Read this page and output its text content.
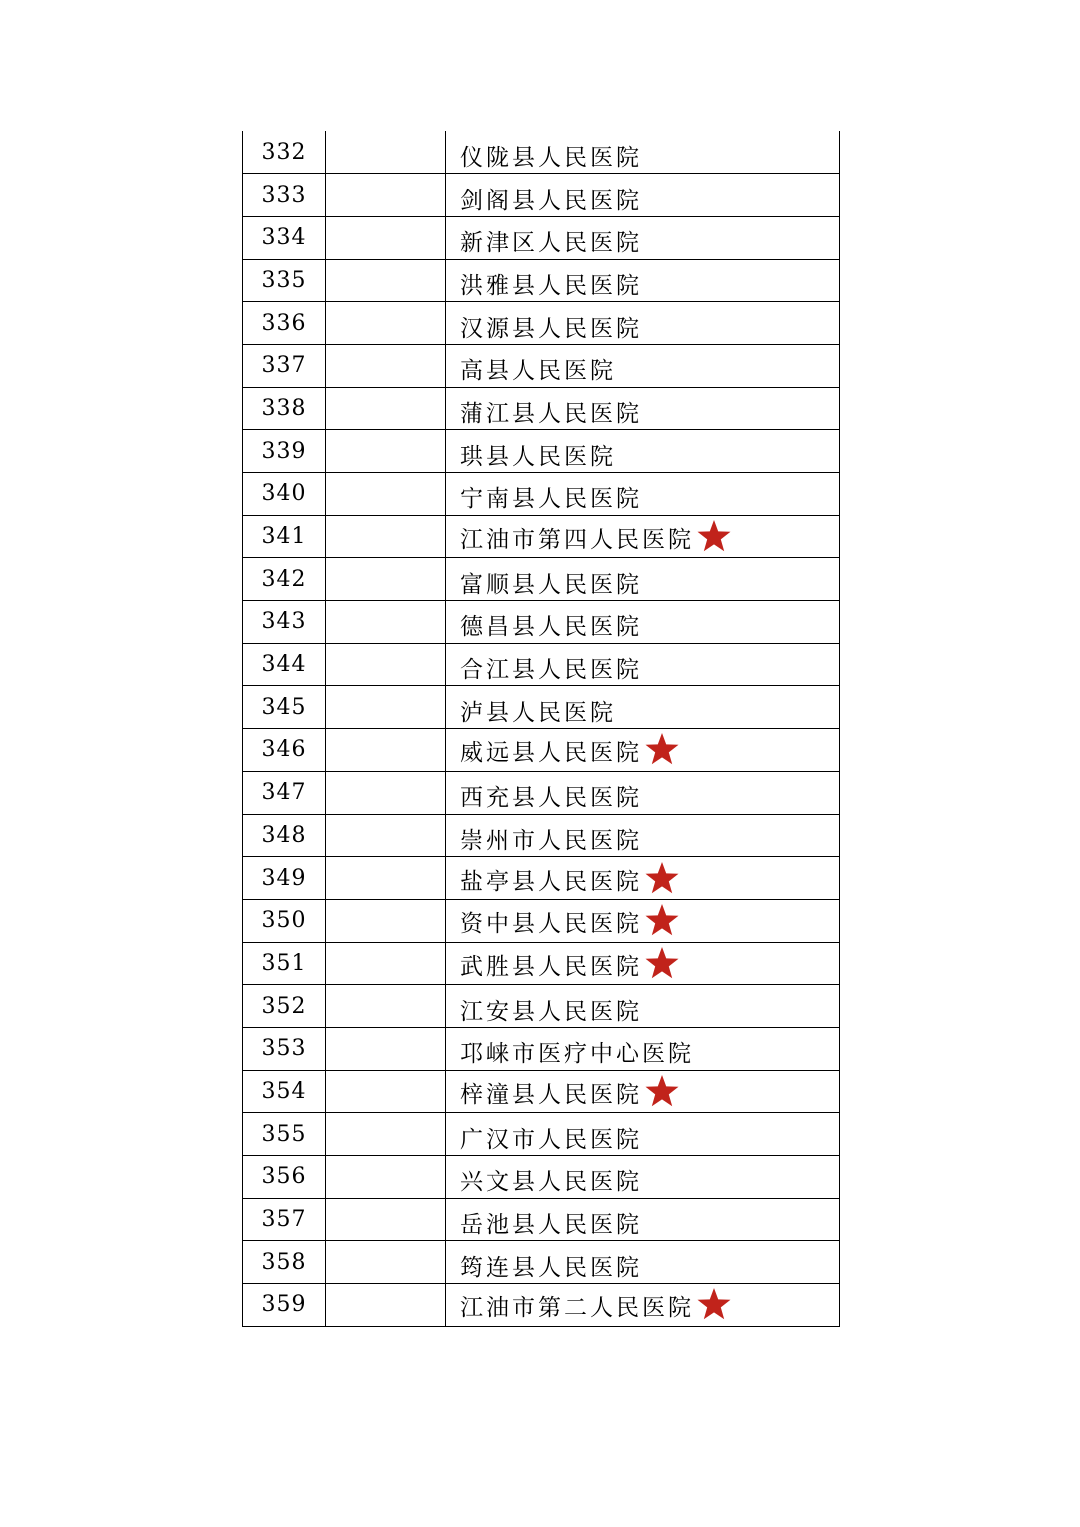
332		仪陇县人民医院
333		剑阁县人民医院
334		新津区人民医院
335		洪雅县人民医院
336		汉源县人民医院
337		高县人民医院
338		蒲江县人民医院
339		珙县人民医院
340		宁南县人民医院
341		江油市第四人民医院

342		富顺县人民医院
343		德昌县人民医院
344		合江县人民医院
345		泸县人民医院
346		威远县人民医院

347		西充县人民医院
348		崇州市人民医院
349		盐亭县人民医院

350		资中县人民医院

351		武胜县人民医院

352		江安县人民医院
353		邛崃市医疗中心医院
354		梓潼县人民医院

355		广汉市人民医院
356		兴文县人民医院
357		岳池县人民医院
358		筠连县人民医院
359		江油市第二人民医院
